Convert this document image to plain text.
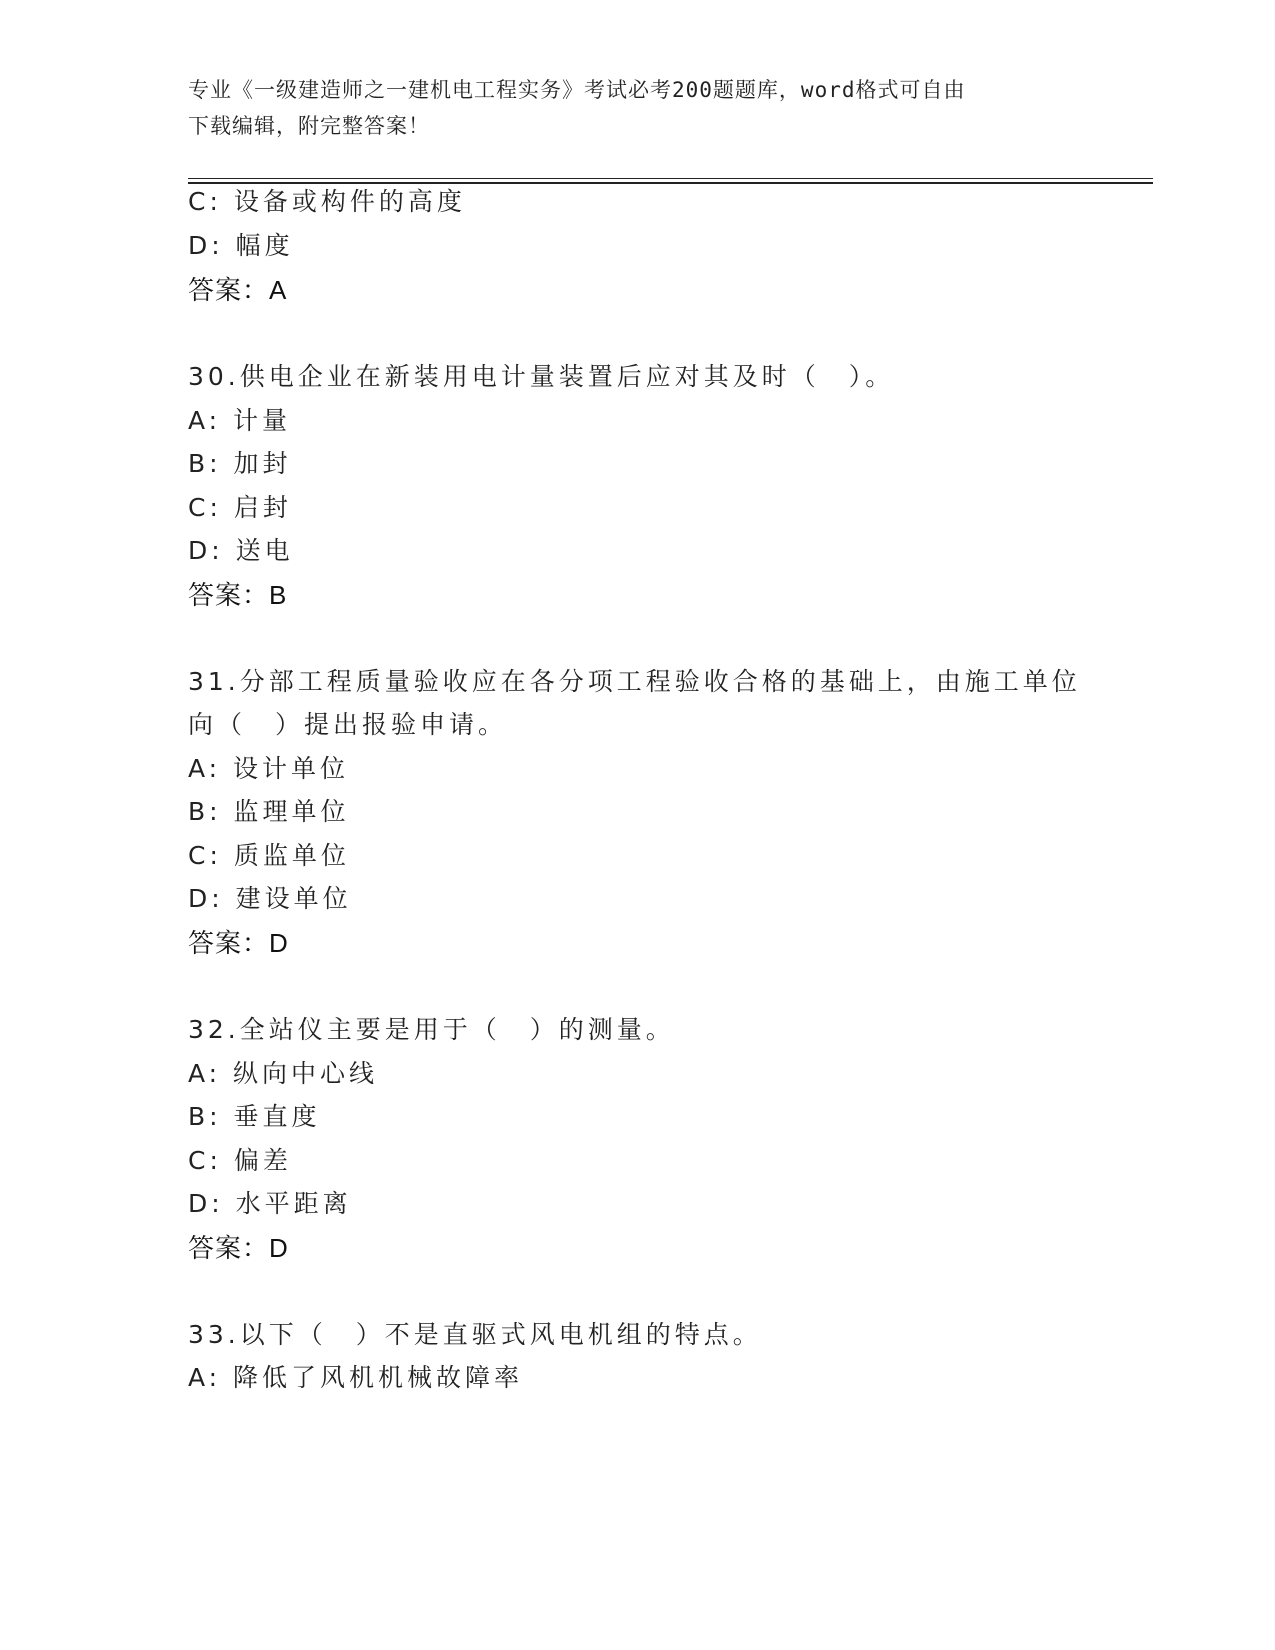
专业《一级建造师之一建机电工程实务》考试必考200题题库，word格式可自由
下载编辑，附完整答案！
C: 设备或构件的高度
D: 幅度
答案：A
30.供电企业在新装用电计量装置后应对其及时（　）。
A: 计量
B: 加封
C: 启封
D: 送电
答案：B
31.分部工程质量验收应在各分项工程验收合格的基础上，由施工单位
向（　）提出报验申请。
A: 设计单位
B: 监理单位
C: 质监单位
D: 建设单位
答案：D
32.全站仪主要是用于（　）的测量。
A: 纵向中心线
B: 垂直度
C: 偏差
D: 水平距离
答案：D
33.以下（　）不是直驱式风电机组的特点。
A: 降低了风机机械故障率
